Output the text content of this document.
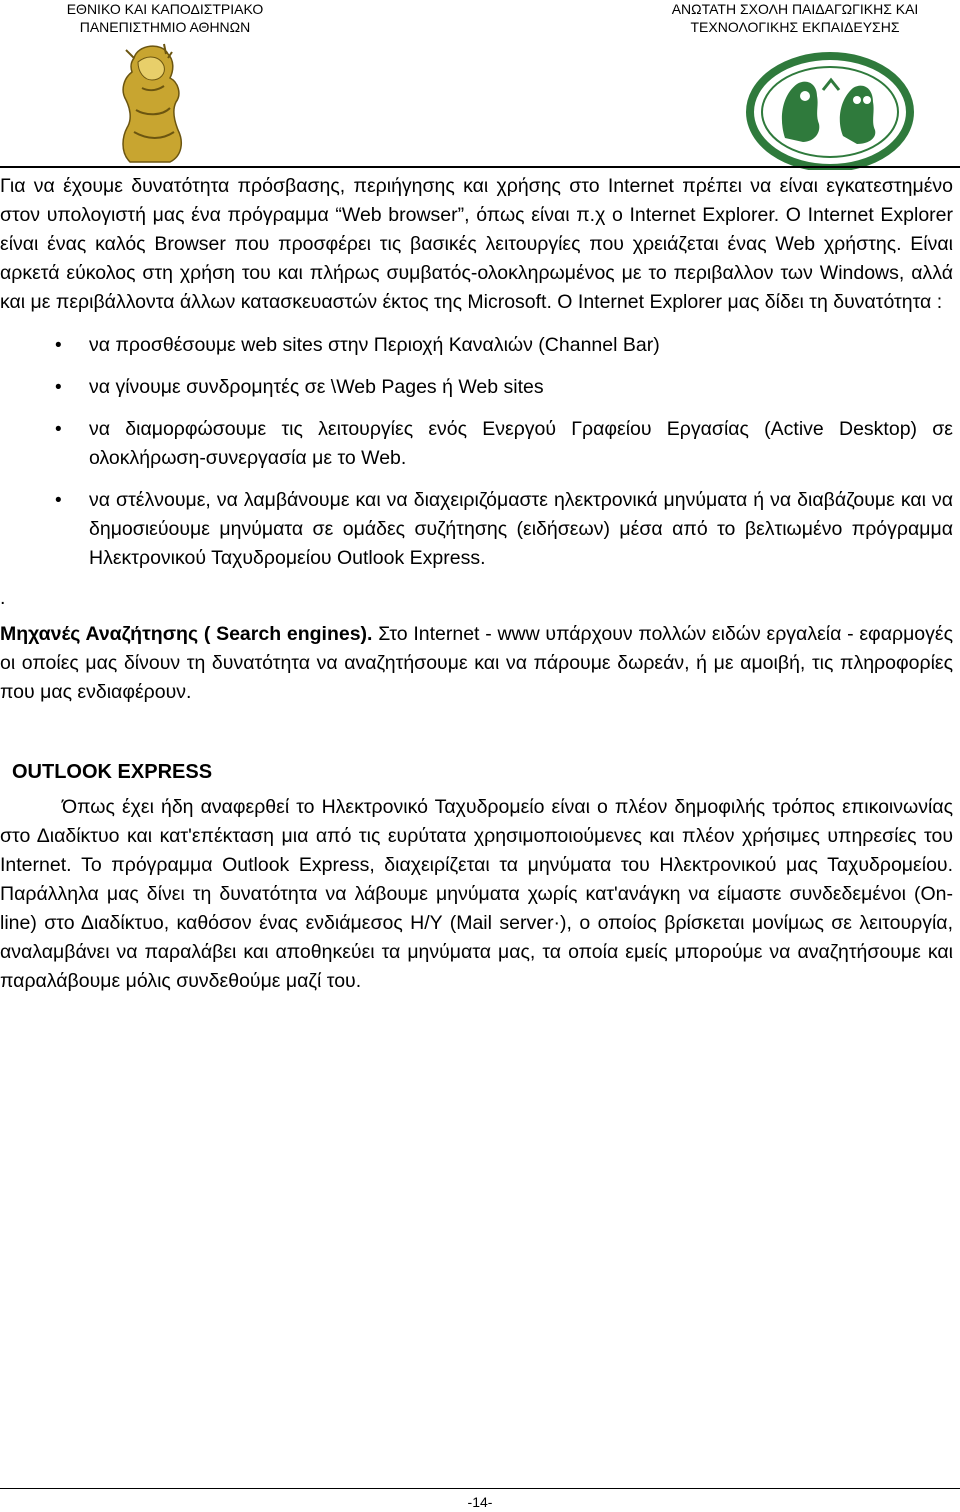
ΕΘΝΙΚΟ ΚΑΙ ΚΑΠΟΔΙΣΤΡΙΑΚΟ
ΠΑΝΕΠΙΣΤΗΜΙΟ ΑΘΗΝΩΝ
ΑΝΩΤΑΤΗ ΣΧΟΛΗ ΠΑΙΔΑΓΩΓΙΚΗΣ ΚΑΙ
ΤΕΧΝΟΛΟΓΙΚΗΣ ΕΚΠΑΙΔΕΥΣΗΣ

Για να έχουμε δυνατότητα πρόσβασης, περιήγησης και χρήσης στο Internet πρέπει να είναι εγκατεστημένο στον υπολογιστή μας ένα πρόγραμμα “Web browser”, όπως είναι π.χ ο Internet Explorer. Ο Internet Explorer είναι ένας καλός Browser που προσφέρει τις βασικές λειτουργίες που χρειάζεται ένας Web χρήστης. Είναι αρκετά εύκολος στη χρήση του και πλήρως συμβατός-ολοκληρωμένος με το περιβαλλον των Windows, αλλά και με περιβάλλοντα άλλων κατασκευαστών έκτος της Microsoft. Ο Internet Explorer μας δίδει τη δυνατότητα :

• να προσθέσουμε web sites στην Περιοχή Καναλιών (Channel Bar)
• να γίνουμε συνδρομητές σε \Web Pages ή Web sites
• να διαμορφώσουμε τις λειτουργίες ενός Ενεργού Γραφείου Εργασίας (Active Desktop) σε ολοκλήρωση-συνεργασία με το Web.
• να στέλνουμε, να λαμβάνουμε και να διαχειριζόμαστε ηλεκτρονικά μηνύματα ή να διαβάζουμε και να δημοσιεύουμε μηνύματα σε ομάδες συζήτησης (ειδήσεων) μέσα από το βελτιωμένο πρόγραμμα Ηλεκτρονικού Ταχυδρομείου Outlook Express.
.

Μηχανές Αναζήτησης ( Search engines). Στο Internet - www υπάρχουν πολλών ειδών εργαλεία - εφαρμογές οι οποίες μας δίνουν τη δυνατότητα να αναζητήσουμε και να πάρουμε δωρεάν, ή με αμοιβή, τις πληροφορίες που μας ενδιαφέρουν.

OUTLOOK EXPRESS

Όπως έχει ήδη αναφερθεί το Ηλεκτρονικό Ταχυδρομείο είναι ο πλέον δημοφιλής τρόπος επικοινωνίας στο Διαδίκτυο και κατ'επέκταση μια από τις ευρύτατα χρησιμοποιούμενες και πλέον χρήσιμες υπηρεσίες του Internet. Το πρόγραμμα Outlook Express, διαχειρίζεται τα μηνύματα του Ηλεκτρονικού μας Ταχυδρομείου. Παράλληλα μας δίνει τη δυνατότητα να λάβουμε μηνύματα χωρίς κατ'ανάγκη να είμαστε συνδεδεμένοι (On-line) στο Διαδίκτυο, καθόσον ένας ενδιάμεσος Η/Υ (Mail server·), ο οποίος βρίσκεται μονίμως σε λειτουργία, αναλαμβάνει να παραλάβει και αποθηκεύει τα μηνύματα μας, τα οποία εμείς μπορούμε να αναζητήσουμε και παραλάβουμε μόλις συνδεθούμε μαζί του.

-14-
